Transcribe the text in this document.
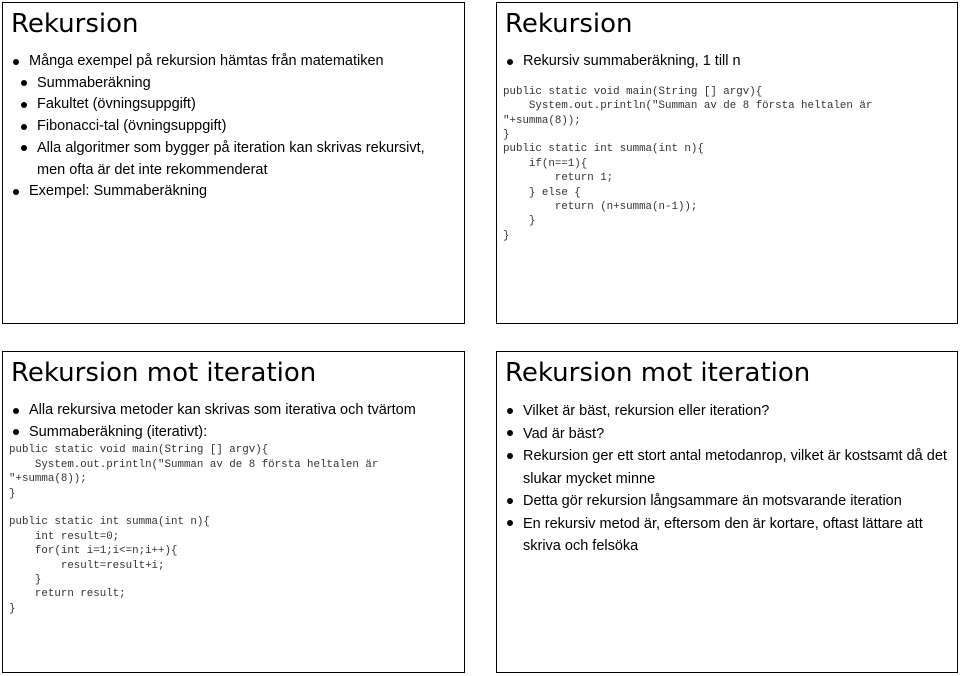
Rekursion
Många exempel på rekursion hämtas från matematiken
Summaberäkning
Fakultet (övningsuppgift)
Fibonacci-tal (övningsuppgift)
Alla algoritmer som bygger på iteration kan skrivas rekursivt, men ofta är det inte rekommenderat
Exempel: Summaberäkning
Rekursion
Rekursiv summaberäkning, 1 till n
public static void main(String [] argv){
System.out.println("Summan av de 8 första heltalen är
"+summa(8));
}
public static int summa(int n){
if(n==1){
return 1;
} else {
return (n+summa(n-1));
}
}
Rekursion mot iteration
Alla rekursiva metoder kan skrivas som iterativa och tvärtom
Summaberäkning (iterativt):
public static void main(String [] argv){
System.out.println("Summan av de 8 första heltalen är
"+summa(8));
}

public static int summa(int n){
int result=0;
for(int i=1;i<=n;i++){
result=result+i;
}
return result;
}
Rekursion mot iteration
Vilket är bäst, rekursion eller iteration?
Vad är bäst?
Rekursion ger ett stort antal metodanrop, vilket är kostsamt då det slukar mycket minne
Detta gör rekursion långsammare än motsvarande iteration
En rekursiv metod är, eftersom den är kortare, oftast lättare att skriva och felsöka
